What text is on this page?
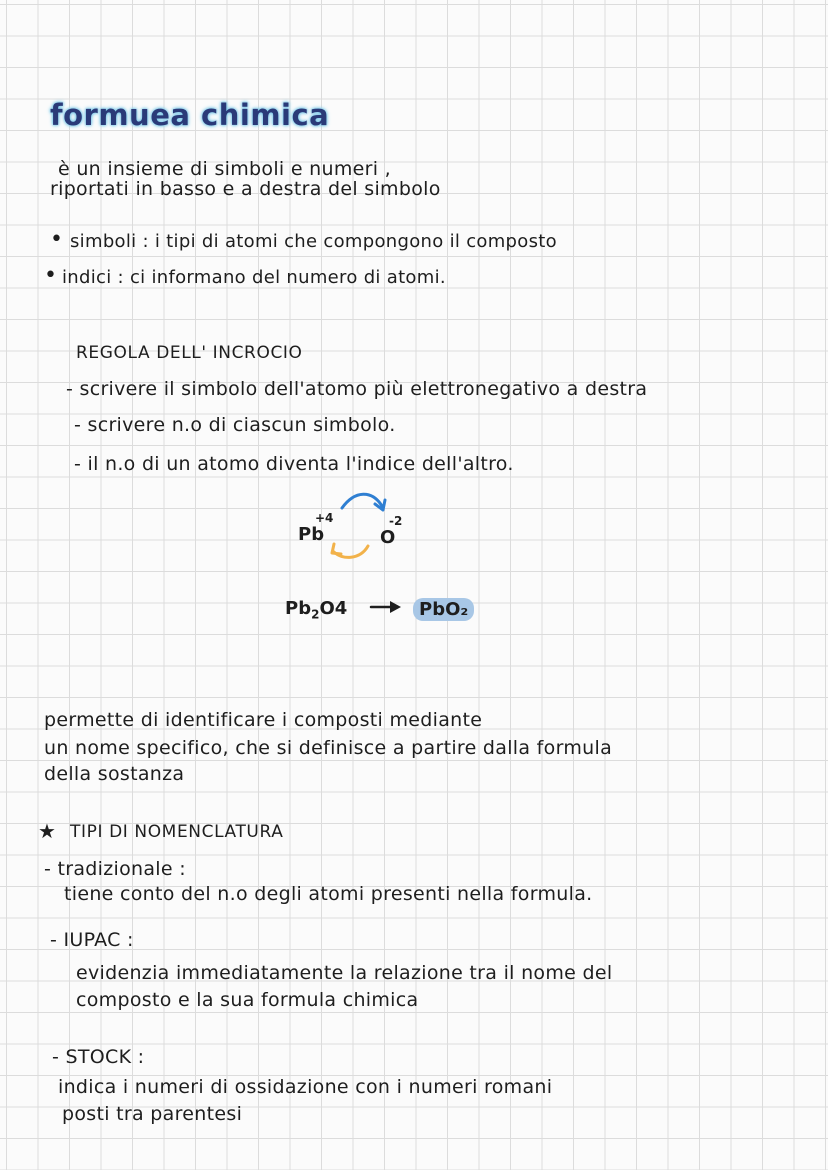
formuea chimica
è un insieme di simboli e numeri ,
riportati in basso e a destra del simbolo
• simboli : i tipi di atomi che compongono il composto
• indici : ci informano del numero di atomi.
REGOLA DELL' INCROCIO
- scrivere il simbolo dell'atomo più elettronegativo a destra
- scrivere n.o di ciascun simbolo.
- il n.o di un atomo diventa l'indice dell'altro.
+4
Pb
-2
O
$Pb_2O4$	PbO₂
permette di identificare i composti mediante
un nome specifico, che si definisce a partire dalla formula
della sostanza
★ TIPI DI NOMENCLATURA
- tradizionale :
tiene conto del n.o degli atomi presenti nella formula.
- IUPAC :
evidenzia immediatamente la relazione tra il nome del
composto e la sua formula chimica
- STOCK :
indica i numeri di ossidazione con i numeri romani
posti tra parentesi
